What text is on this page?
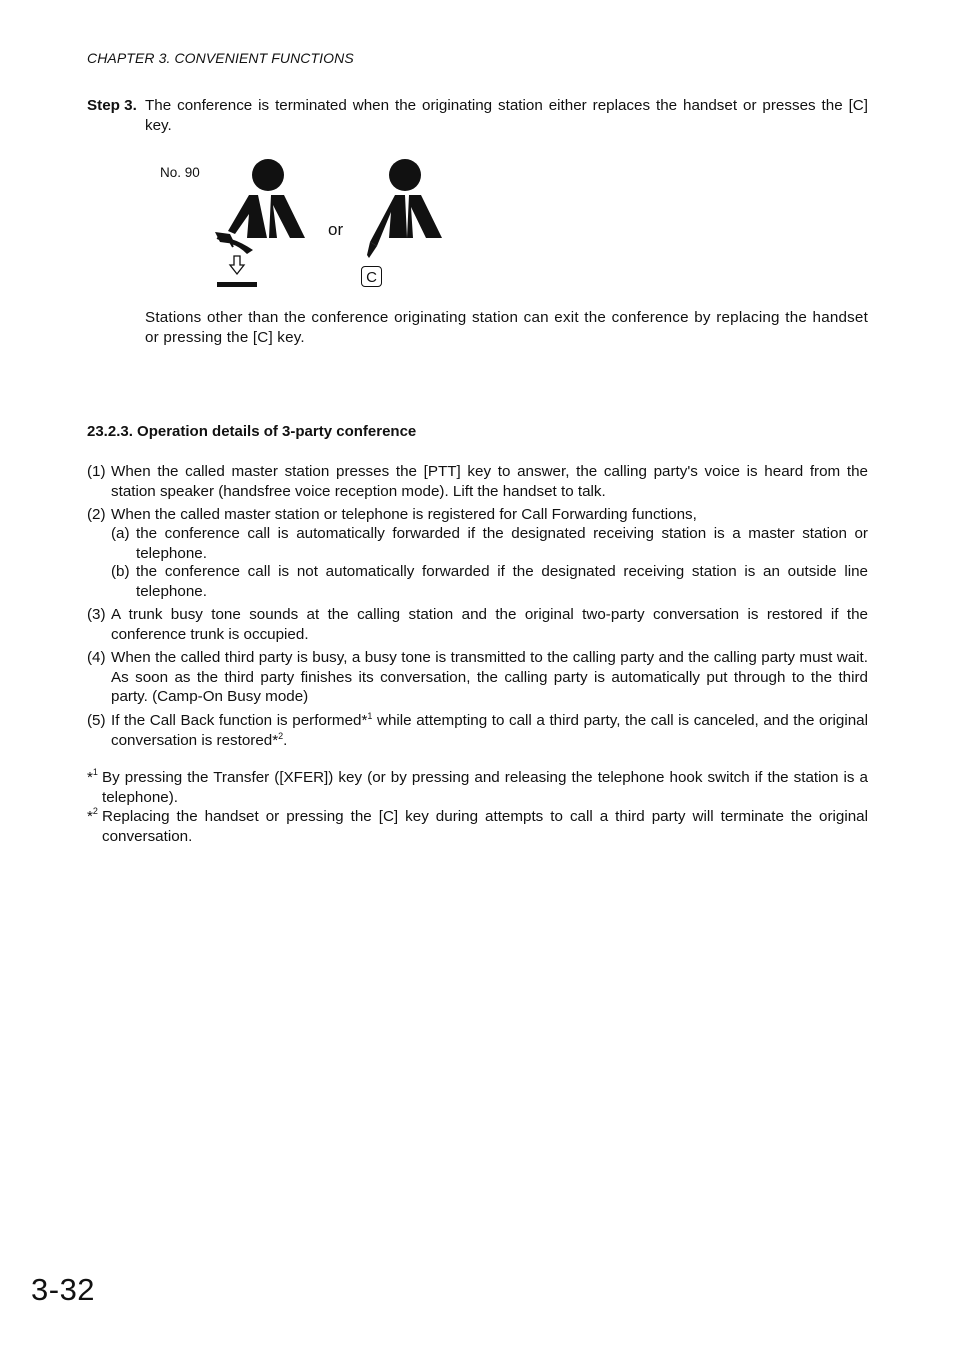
CHAPTER 3. CONVENIENT FUNCTIONS
Step 3. The conference is terminated when the originating station either replaces the handset or presses the [C] key.
No. 90
or
C
Stations other than the conference originating station can exit the conference by replacing the handset or pressing the [C] key.
23.2.3. Operation details of 3-party conference
(1) When the called master station presses the [PTT] key to answer, the calling party's voice is heard from the station speaker (handsfree voice reception mode). Lift the handset to talk.
(2) When the called master station or telephone is registered for Call Forwarding functions,
(a) the conference call is automatically forwarded if the designated receiving station is a master station or telephone.
(b) the conference call is not automatically forwarded if the designated receiving station is an outside line telephone.
(3) A trunk busy tone sounds at the calling station and the original two-party conversation is restored if the conference trunk is occupied.
(4) When the called third party is busy, a busy tone is transmitted to the calling party and the calling party must wait. As soon as the third party finishes its conversation, the calling party is automatically put through to the third party. (Camp-On Busy mode)
(5) If the Call Back function is performed*$^1$ while attempting to call a third party, the call is canceled, and the original conversation is restored*$^2$.
*$^1$ By pressing the Transfer ([XFER]) key (or by pressing and releasing the telephone hook switch if the station is a telephone).
*$^2$ Replacing the handset or pressing the [C] key during attempts to call a third party will terminate the original conversation.
3-32
